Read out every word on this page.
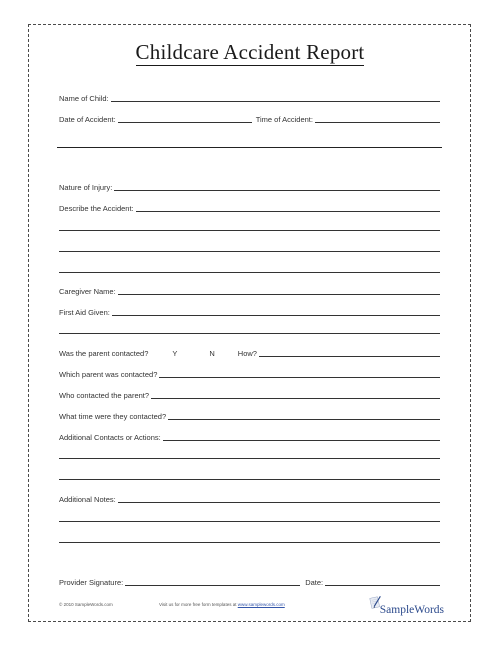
Childcare Accident Report
Name of Child:
Date of Accident:	Time of Accident:
Nature of Injury:
Describe the Accident:
Caregiver Name:
First Aid Given:
Was the parent contacted?	Y	N	How?
Which parent was contacted?
Who contacted the parent?
What time were they contacted?
Additional Contacts or Actions:
Additional Notes:
Provider Signature:	Date:
© 2010 SampleWords.com	Visit us for more free form templates at www.samplewords.com	SampleWords
